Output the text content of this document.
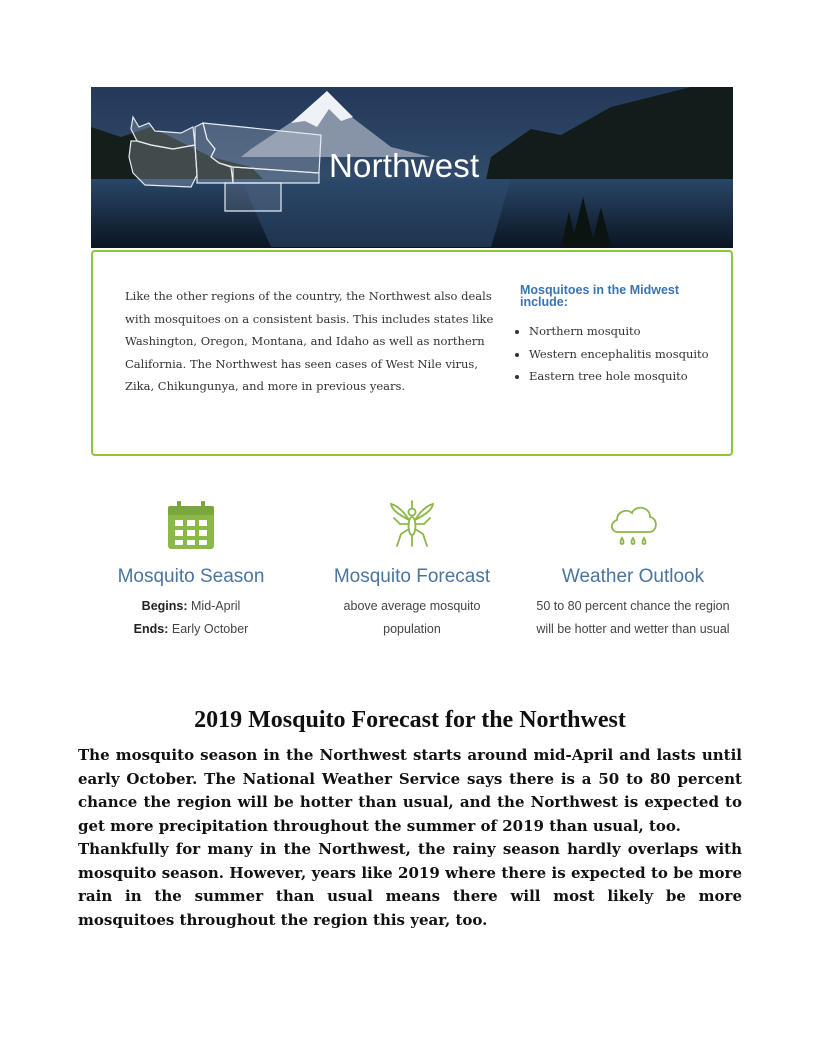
Northwest

Like the other regions of the country, the Northwest also deals with mosquitoes on a consistent basis. This includes states like Washington, Oregon, Montana, and Idaho as well as northern California. The Northwest has seen cases of West Nile virus, Zika, Chikungunya, and more in previous years.

Mosquitoes in the Midwest include:
• Northern mosquito
• Western encephalitis mosquito
• Eastern tree hole mosquito
Mosquito Season

Begins: Mid-April
Ends: Early October

Mosquito Forecast

above average mosquito population

Weather Outlook

50 to 80 percent chance the region will be hotter and wetter than usual

2019 Mosquito Forecast for the Northwest

The mosquito season in the Northwest starts around mid-April and lasts until early October. The National Weather Service says there is a 50 to 80 percent chance the region will be hotter than usual, and the Northwest is expected to get more precipitation throughout the summer of 2019 than usual, too.

Thankfully for many in the Northwest, the rainy season hardly overlaps with mosquito season. However, years like 2019 where there is expected to be more rain in the summer than usual means there will most likely be more mosquitoes throughout the region this year, too.
